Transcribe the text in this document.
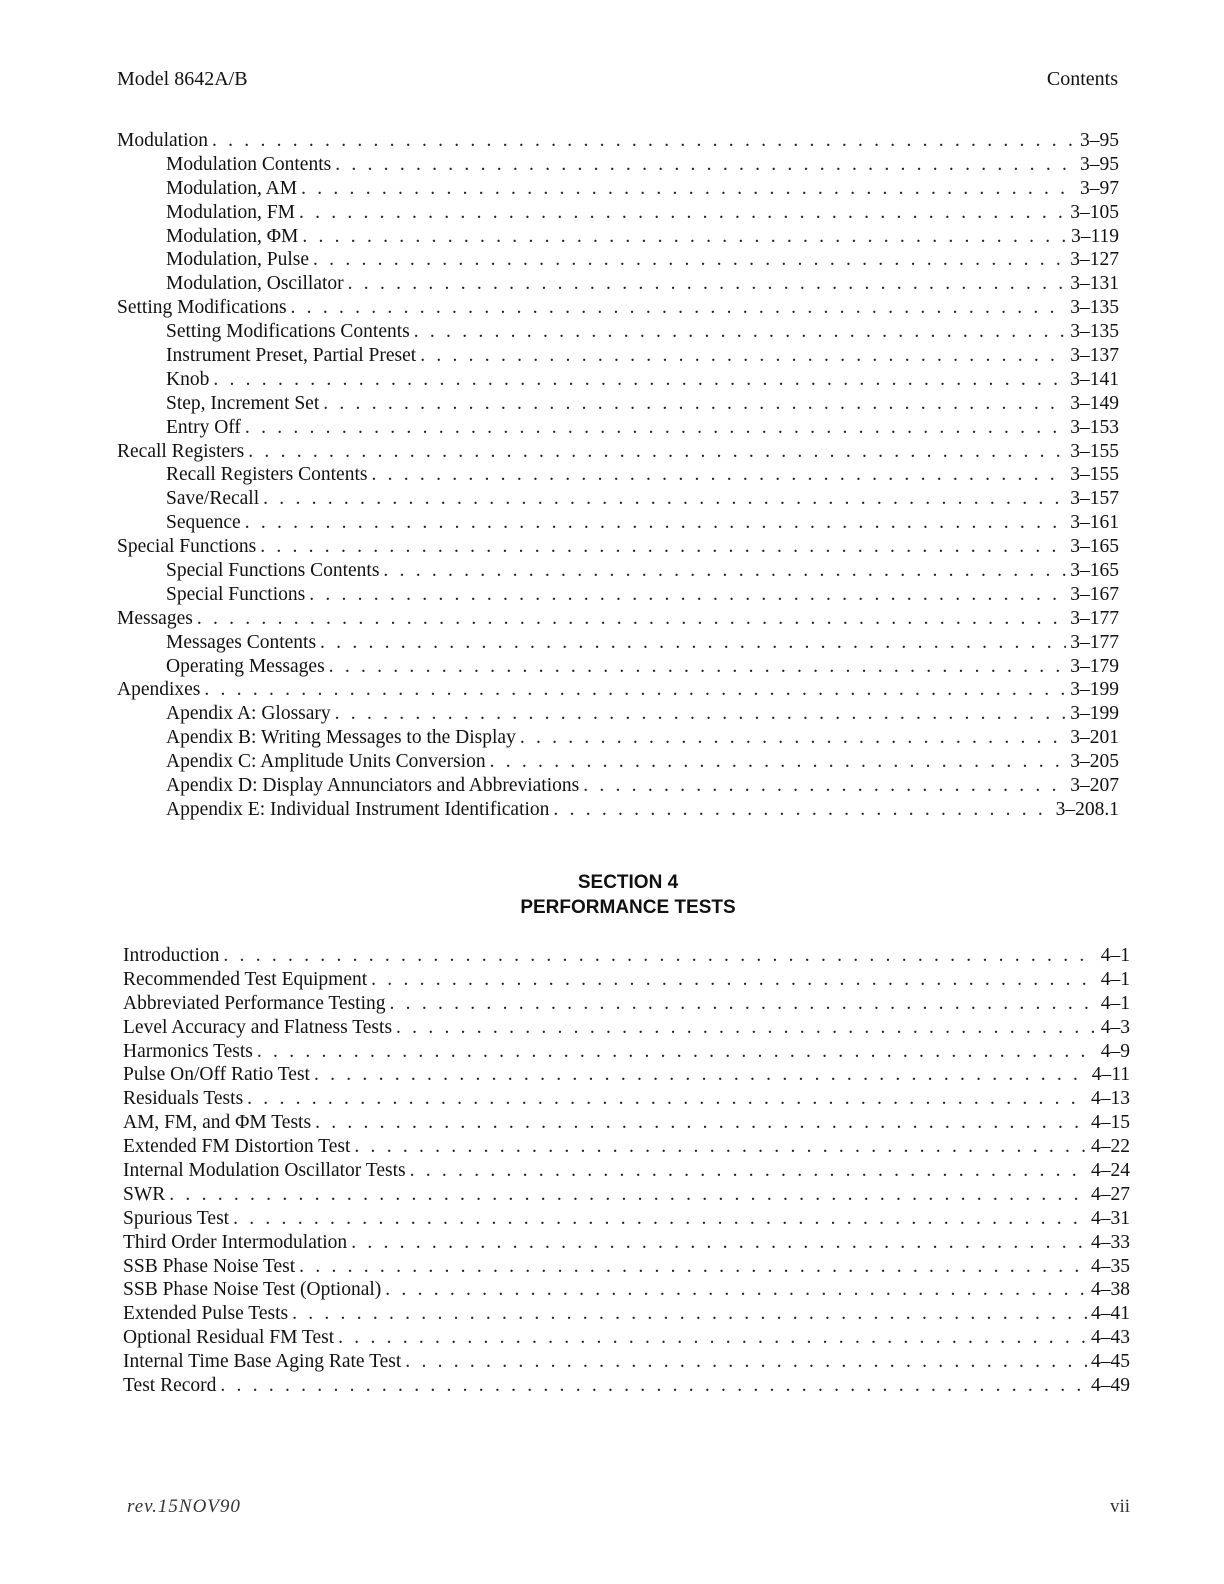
Model 8642A/B	Contents
Modulation . . .	3–95
Modulation Contents . . .	3–95
Modulation, AM . . .	3–97
Modulation, FM . . .	3–105
Modulation, ΦM . . .	3–119
Modulation, Pulse . . .	3–127
Modulation, Oscillator . . .	3–131
Setting Modifications . . .	3–135
Setting Modifications Contents . . .	3–135
Instrument Preset, Partial Preset . . .	3–137
Knob . . .	3–141
Step, Increment Set . . .	3–149
Entry Off . . .	3–153
Recall Registers . . .	3–155
Recall Registers Contents . . .	3–155
Save/Recall . . .	3–157
Sequence . . .	3–161
Special Functions . . .	3–165
Special Functions Contents . . .	3–165
Special Functions . . .	3–167
Messages . . .	3–177
Messages Contents . . .	3–177
Operating Messages . . .	3–179
Apendixes . . .	3–199
Apendix A: Glossary . . .	3–199
Apendix B: Writing Messages to the Display . . .	3–201
Apendix C: Amplitude Units Conversion . . .	3–205
Apendix D: Display Annunciators and Abbreviations . . .	3–207
Appendix E: Individual Instrument Identification . . .	3–208.1
SECTION 4
PERFORMANCE TESTS
Introduction . . .	4–1
Recommended Test Equipment . . .	4–1
Abbreviated Performance Testing . . .	4–1
Level Accuracy and Flatness Tests . . .	4–3
Harmonics Tests . . .	4–9
Pulse On/Off Ratio Test . . .	4–11
Residuals Tests . . .	4–13
AM, FM, and ΦM Tests . . .	4–15
Extended FM Distortion Test . . .	4–22
Internal Modulation Oscillator Tests . . .	4–24
SWR . . .	4–27
Spurious Test . . .	4–31
Third Order Intermodulation . . .	4–33
SSB Phase Noise Test . . .	4–35
SSB Phase Noise Test (Optional) . . .	4–38
Extended Pulse Tests . . .	4–41
Optional Residual FM Test . . .	4–43
Internal Time Base Aging Rate Test . . .	4–45
Test Record . . .	4–49
rev.15NOV90	vii
